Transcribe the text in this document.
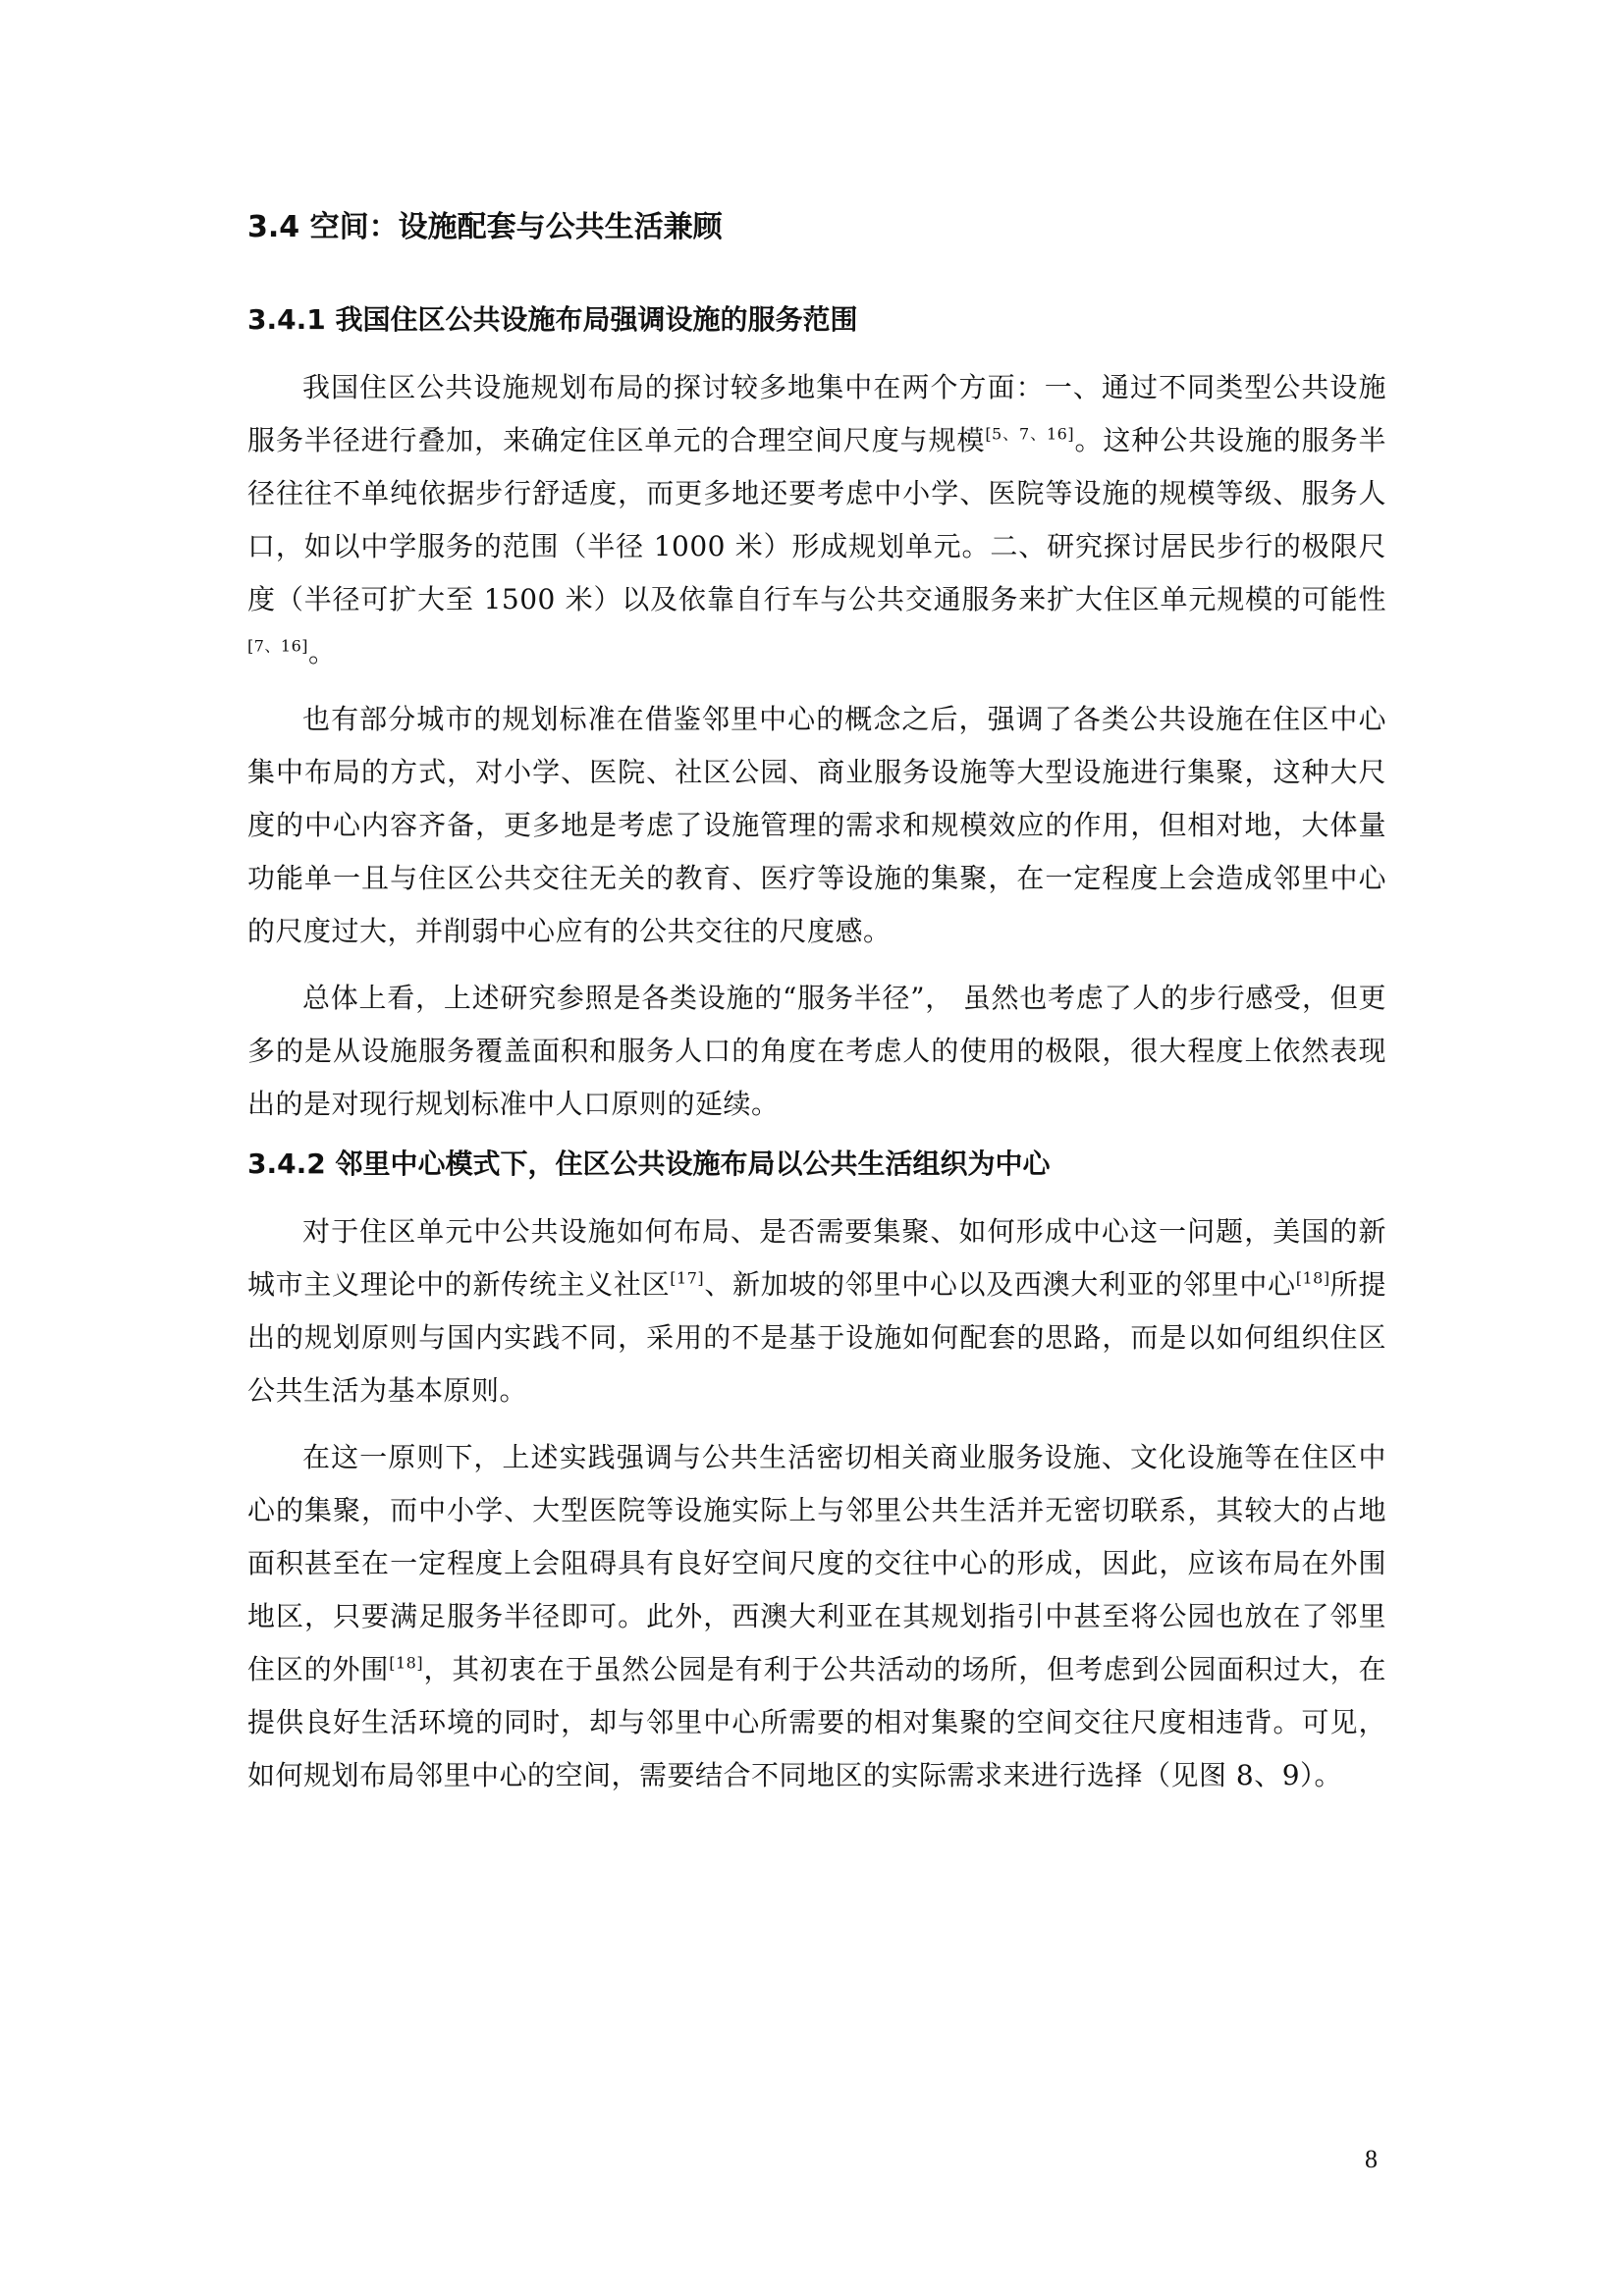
3.4 空间：设施配套与公共生活兼顾
3.4.1 我国住区公共设施布局强调设施的服务范围

我国住区公共设施规划布局的探讨较多地集中在两个方面：一、通过不同类型公共设施服务半径进行叠加，来确定住区单元的合理空间尺度与规模[5、7、16]。这种公共设施的服务半径往往不单纯依据步行舒适度，而更多地还要考虑中小学、医院等设施的规模等级、服务人口，如以中学服务的范围（半径 1000 米）形成规划单元。二、研究探讨居民步行的极限尺度（半径可扩大至 1500 米）以及依靠自行车与公共交通服务来扩大住区单元规模的可能性[7、16]。

也有部分城市的规划标准在借鉴邻里中心的概念之后，强调了各类公共设施在住区中心集中布局的方式，对小学、医院、社区公园、商业服务设施等大型设施进行集聚，这种大尺度的中心内容齐备，更多地是考虑了设施管理的需求和规模效应的作用，但相对地，大体量功能单一且与住区公共交往无关的教育、医疗等设施的集聚，在一定程度上会造成邻里中心的尺度过大，并削弱中心应有的公共交往的尺度感。

总体上看，上述研究参照是各类设施的“服务半径”， 虽然也考虑了人的步行感受，但更多的是从设施服务覆盖面积和服务人口的角度在考虑人的使用的极限，很大程度上依然表现出的是对现行规划标准中人口原则的延续。

3.4.2 邻里中心模式下，住区公共设施布局以公共生活组织为中心

对于住区单元中公共设施如何布局、是否需要集聚、如何形成中心这一问题，美国的新城市主义理论中的新传统主义社区[17]、新加坡的邻里中心以及西澳大利亚的邻里中心[18]所提出的规划原则与国内实践不同，采用的不是基于设施如何配套的思路，而是以如何组织住区公共生活为基本原则。

在这一原则下，上述实践强调与公共生活密切相关商业服务设施、文化设施等在住区中心的集聚，而中小学、大型医院等设施实际上与邻里公共生活并无密切联系，其较大的占地面积甚至在一定程度上会阻碍具有良好空间尺度的交往中心的形成，因此，应该布局在外围地区，只要满足服务半径即可。此外，西澳大利亚在其规划指引中甚至将公园也放在了邻里住区的外围[18]，其初衷在于虽然公园是有利于公共活动的场所，但考虑到公园面积过大，在提供良好生活环境的同时，却与邻里中心所需要的相对集聚的空间交往尺度相违背。可见，如何规划布局邻里中心的空间，需要结合不同地区的实际需求来进行选择（见图 8、9）。

8
